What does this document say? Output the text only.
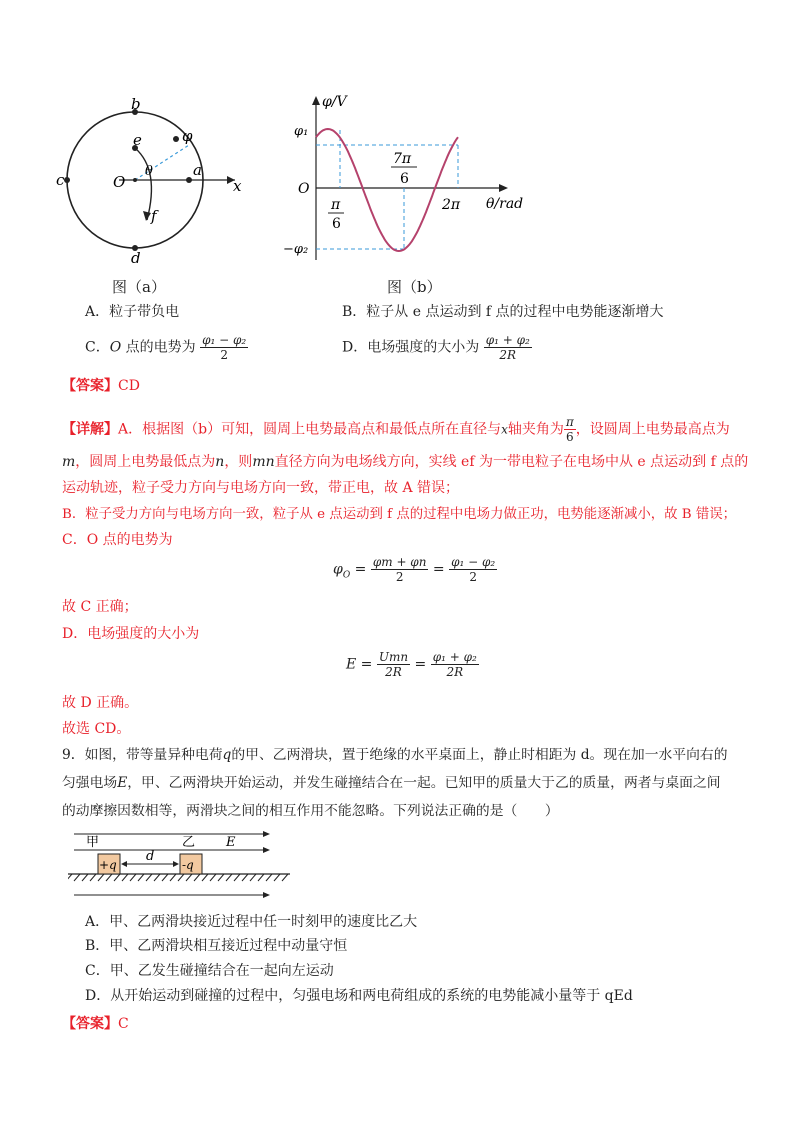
b
c
d
e	φ
O
θ	a
x
f
图（a）
φ/V
φ₁
O
−φ₂
π
6
7π
6
2π θ/rad
图（b）
A．粒子带负电	B．粒子从 e 点运动到 f 点的过程中电势能逐渐增大
C．O 点的电势为 $\frac{\text{φ₁ − φ₂}}{2}$	D．电场强度的大小为 $\frac{\text{φ₁ + φ₂}}{2R}$
【答案】CD
【详解】A．根据图（b）可知，圆周上电势最高点和最低点所在直径与x轴夹角为 $\frac{\pi}{6}$ ，设圆周上电势最高点为
m，圆周上电势最低点为n，则mn直径方向为电场线方向，实线 ef 为一带电粒子在电场中从 e 点运动到 f 点的
运动轨迹，粒子受力方向与电场方向一致，带正电，故 A 错误；
B．粒子受力方向与电场方向一致，粒子从 e 点运动到 f 点的过程中电场力做正功，电势能逐渐减小，故 B 错误；
C．O 点的电势为
$\varphi_O = \frac{\varphi m + \varphi n}{2} = \frac{\text{φ₁ − φ₂}}{2}$
故 C 正确；
D．电场强度的大小为
$E = \frac{\text{Umn}}{2R} = \frac{\text{φ₁ + φ₂}}{2R}$
故 D 正确。
故选 CD。
9．如图，带等量异种电荷q的甲、乙两滑块，置于绝缘的水平桌面上，静止时相距为 d。现在加一水平向右的
匀强电场E，甲、乙两滑块开始运动，并发生碰撞结合在一起。已知甲的质量大于乙的质量，两者与桌面之间
的动摩擦因数相等，两滑块之间的相互作用不能忽略。下列说法正确的是（　　）
+q	-q
d
甲	乙 E
A．甲、乙两滑块接近过程中任一时刻甲的速度比乙大
B．甲、乙两滑块相互接近过程中动量守恒
C．甲、乙发生碰撞结合在一起向左运动
D．从开始运动到碰撞的过程中，匀强电场和两电荷组成的系统的电势能减小量等于 qEd
【答案】C
